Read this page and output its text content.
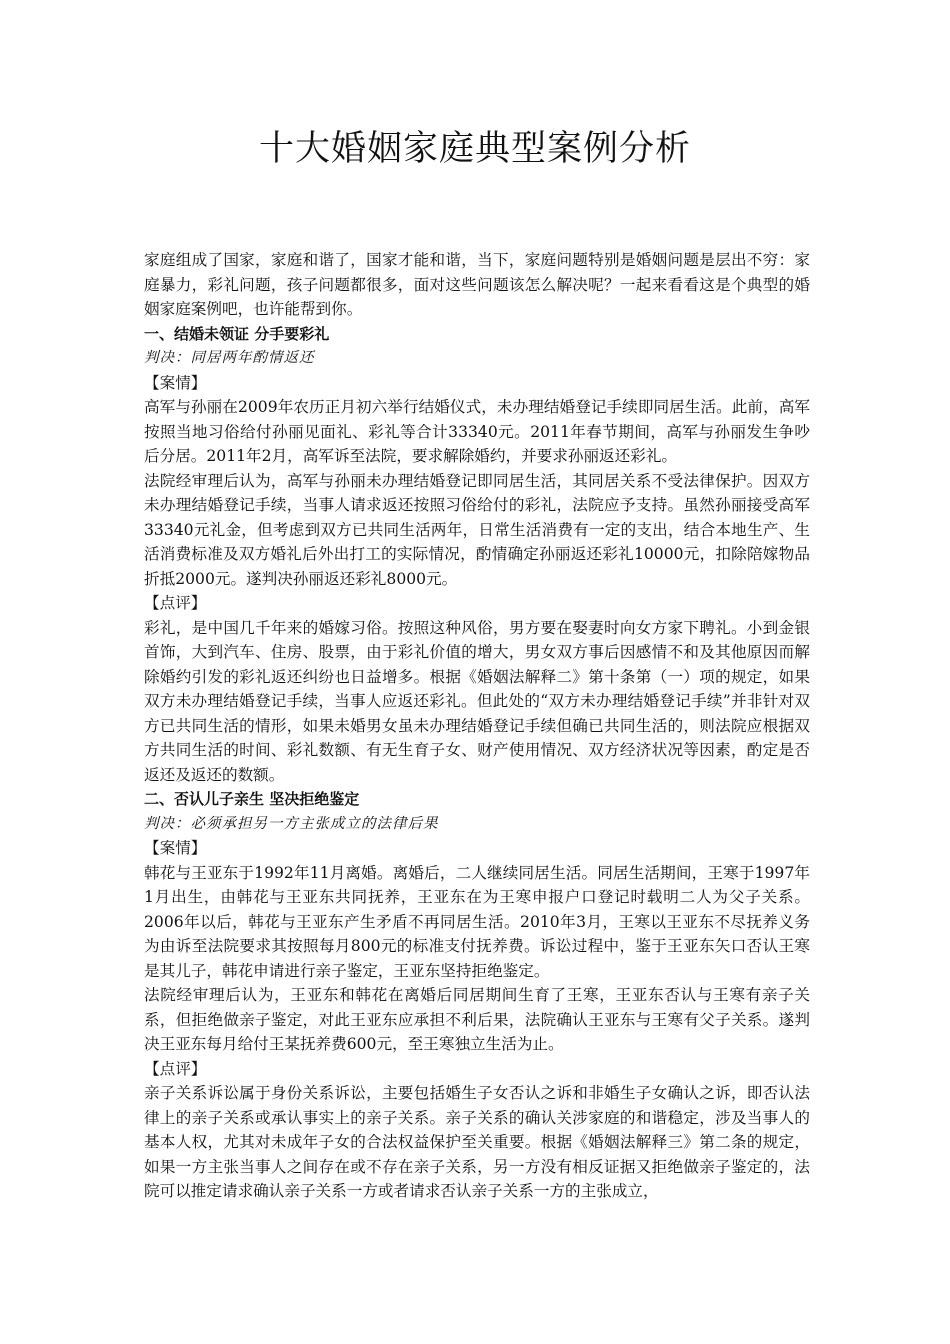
十大婚姻家庭典型案例分析

家庭组成了国家，家庭和谐了，国家才能和谐，当下，家庭问题特别是婚姻问题是层出不穷：家庭暴力，彩礼问题，孩子问题都很多，面对这些问题该怎么解决呢？一起来看看这是个典型的婚姻家庭案例吧，也许能帮到你。

一、结婚未领证 分手要彩礼

判决：同居两年酌情返还

【案情】

高军与孙丽在2009年农历正月初六举行结婚仪式，未办理结婚登记手续即同居生活。此前，高军按照当地习俗给付孙丽见面礼、彩礼等合计33340元。2011年春节期间，高军与孙丽发生争吵后分居。2011年2月，高军诉至法院，要求解除婚约，并要求孙丽返还彩礼。

法院经审理后认为，高军与孙丽未办理结婚登记即同居生活，其同居关系不受法律保护。因双方未办理结婚登记手续，当事人请求返还按照习俗给付的彩礼，法院应予支持。虽然孙丽接受高军33340元礼金，但考虑到双方已共同生活两年，日常生活消费有一定的支出，结合本地生产、生活消费标准及双方婚礼后外出打工的实际情况，酌情确定孙丽返还彩礼10000元，扣除陪嫁物品折抵2000元。遂判决孙丽返还彩礼8000元。

【点评】

彩礼，是中国几千年来的婚嫁习俗。按照这种风俗，男方要在娶妻时向女方家下聘礼。小到金银首饰，大到汽车、住房、股票，由于彩礼价值的增大，男女双方事后因感情不和及其他原因而解除婚约引发的彩礼返还纠纷也日益增多。根据《婚姻法解释二》第十条第（一）项的规定，如果双方未办理结婚登记手续，当事人应返还彩礼。但此处的“双方未办理结婚登记手续”并非针对双方已共同生活的情形，如果未婚男女虽未办理结婚登记手续但确已共同生活的，则法院应根据双方共同生活的时间、彩礼数额、有无生育子女、财产使用情况、双方经济状况等因素，酌定是否返还及返还的数额。

二、否认儿子亲生 坚决拒绝鉴定

判决：必须承担另一方主张成立的法律后果

【案情】

韩花与王亚东于1992年11月离婚。离婚后，二人继续同居生活。同居生活期间，王寒于1997年1月出生，由韩花与王亚东共同抚养，王亚东在为王寒申报户口登记时载明二人为父子关系。2006年以后，韩花与王亚东产生矛盾不再同居生活。2010年3月，王寒以王亚东不尽抚养义务为由诉至法院要求其按照每月800元的标准支付抚养费。诉讼过程中，鉴于王亚东矢口否认王寒是其儿子，韩花申请进行亲子鉴定，王亚东坚持拒绝鉴定。

法院经审理后认为，王亚东和韩花在离婚后同居期间生育了王寒，王亚东否认与王寒有亲子关系，但拒绝做亲子鉴定，对此王亚东应承担不利后果，法院确认王亚东与王寒有父子关系。遂判决王亚东每月给付王某抚养费600元，至王寒独立生活为止。

【点评】

亲子关系诉讼属于身份关系诉讼，主要包括婚生子女否认之诉和非婚生子女确认之诉，即否认法律上的亲子关系或承认事实上的亲子关系。亲子关系的确认关涉家庭的和谐稳定，涉及当事人的基本人权，尤其对未成年子女的合法权益保护至关重要。根据《婚姻法解释三》第二条的规定，如果一方主张当事人之间存在或不存在亲子关系，另一方没有相反证据又拒绝做亲子鉴定的，法院可以推定请求确认亲子关系一方或者请求否认亲子关系一方的主张成立，
